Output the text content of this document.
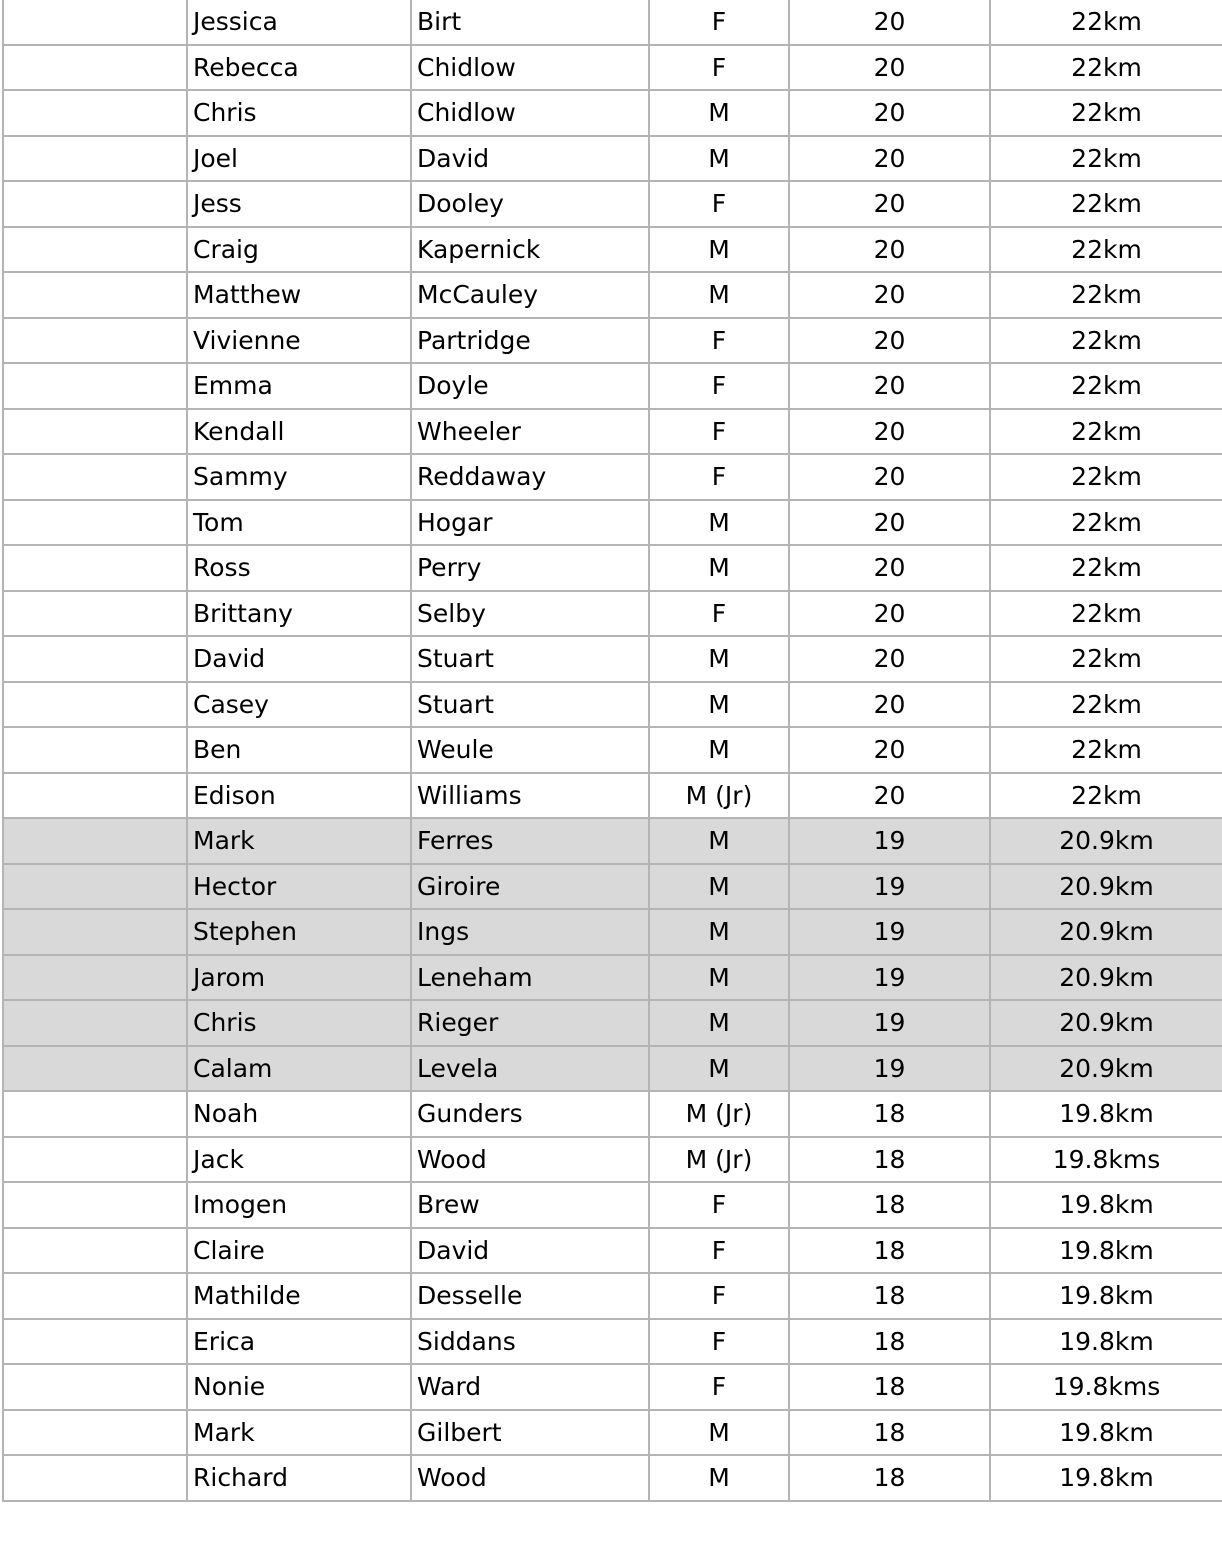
	Jessica	Birt	F	20	22km
	Rebecca	Chidlow	F	20	22km
	Chris	Chidlow	M	20	22km
	Joel	David	M	20	22km
	Jess	Dooley	F	20	22km
	Craig	Kapernick	M	20	22km
	Matthew	McCauley	M	20	22km
	Vivienne	Partridge	F	20	22km
	Emma	Doyle	F	20	22km
	Kendall	Wheeler	F	20	22km
	Sammy	Reddaway	F	20	22km
	Tom	Hogar	M	20	22km
	Ross	Perry	M	20	22km
	Brittany	Selby	F	20	22km
	David	Stuart	M	20	22km
	Casey	Stuart	M	20	22km
	Ben	Weule	M	20	22km
	Edison	Williams	M (Jr)	20	22km
	Mark	Ferres	M	19	20.9km
	Hector	Giroire	M	19	20.9km
	Stephen	Ings	M	19	20.9km
	Jarom	Leneham	M	19	20.9km
	Chris	Rieger	M	19	20.9km
	Calam	Levela	M	19	20.9km
	Noah	Gunders	M (Jr)	18	19.8km
	Jack	Wood	M (Jr)	18	19.8kms
	Imogen	Brew	F	18	19.8km
	Claire	David	F	18	19.8km
	Mathilde	Desselle	F	18	19.8km
	Erica	Siddans	F	18	19.8km
	Nonie	Ward	F	18	19.8kms
	Mark	Gilbert	M	18	19.8km
	Richard	Wood	M	18	19.8km
